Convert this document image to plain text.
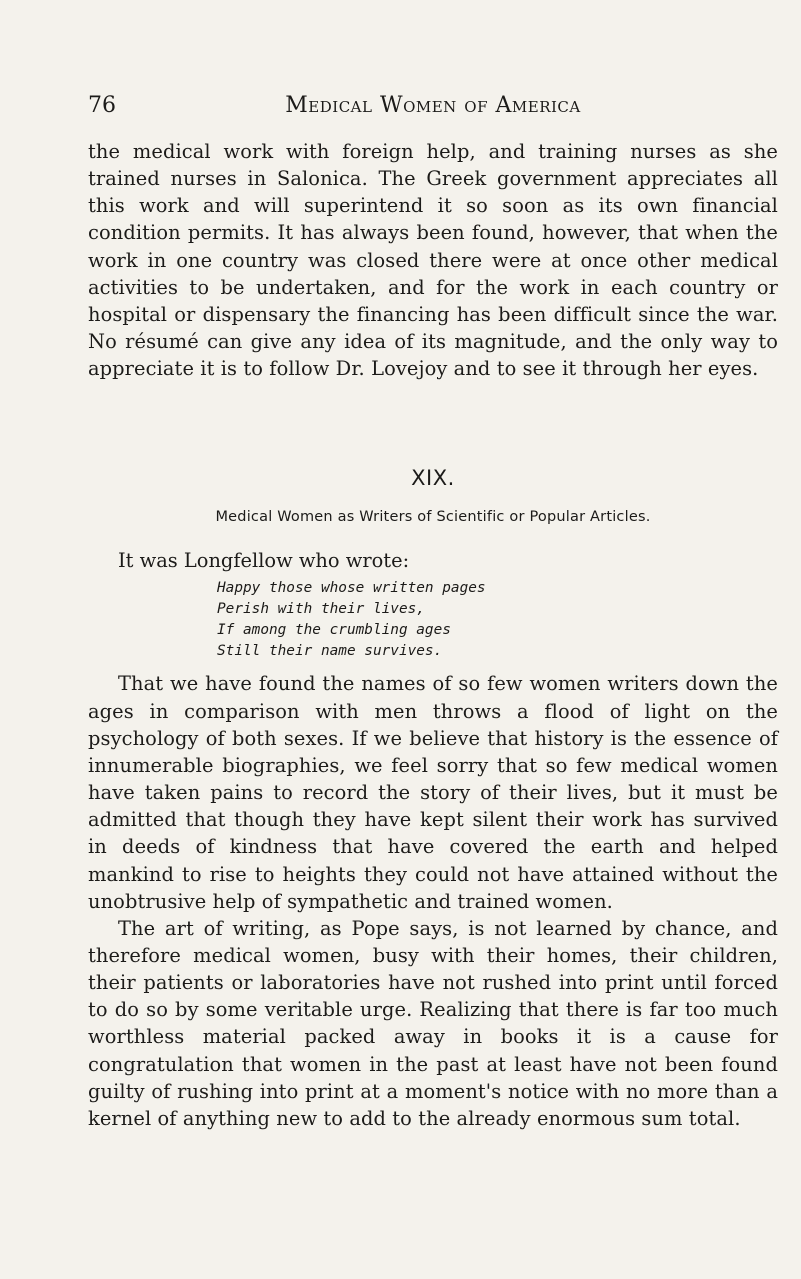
76	Medical Women of America

the medical work with foreign help, and training nurses as she trained nurses in Salonica. The Greek government appreciates all this work and will superintend it so soon as its own financial condition permits. It has always been found, however, that when the work in one country was closed there were at once other medical activities to be undertaken, and for the work in each country or hospital or dispensary the financing has been difficult since the war. No résumé can give any idea of its magnitude, and the only way to appreciate it is to follow Dr. Lovejoy and to see it through her eyes.

XIX.
Medical Women as Writers of Scientific or Popular Articles.

It was Longfellow who wrote:

Happy those whose written pages
Perish with their lives,
If among the crumbling ages
Still their name survives.

That we have found the names of so few women writers down the ages in comparison with men throws a flood of light on the psychology of both sexes. If we believe that history is the essence of innumerable biographies, we feel sorry that so few medical women have taken pains to record the story of their lives, but it must be admitted that though they have kept silent their work has survived in deeds of kindness that have covered the earth and helped mankind to rise to heights they could not have attained without the unobtrusive help of sympathetic and trained women.

The art of writing, as Pope says, is not learned by chance, and therefore medical women, busy with their homes, their children, their patients or laboratories have not rushed into print until forced to do so by some veritable urge. Realizing that there is far too much worthless material packed away in books it is a cause for congratulation that women in the past at least have not been found guilty of rushing into print at a moment's notice with no more than a kernel of anything new to add to the already enormous sum total.
